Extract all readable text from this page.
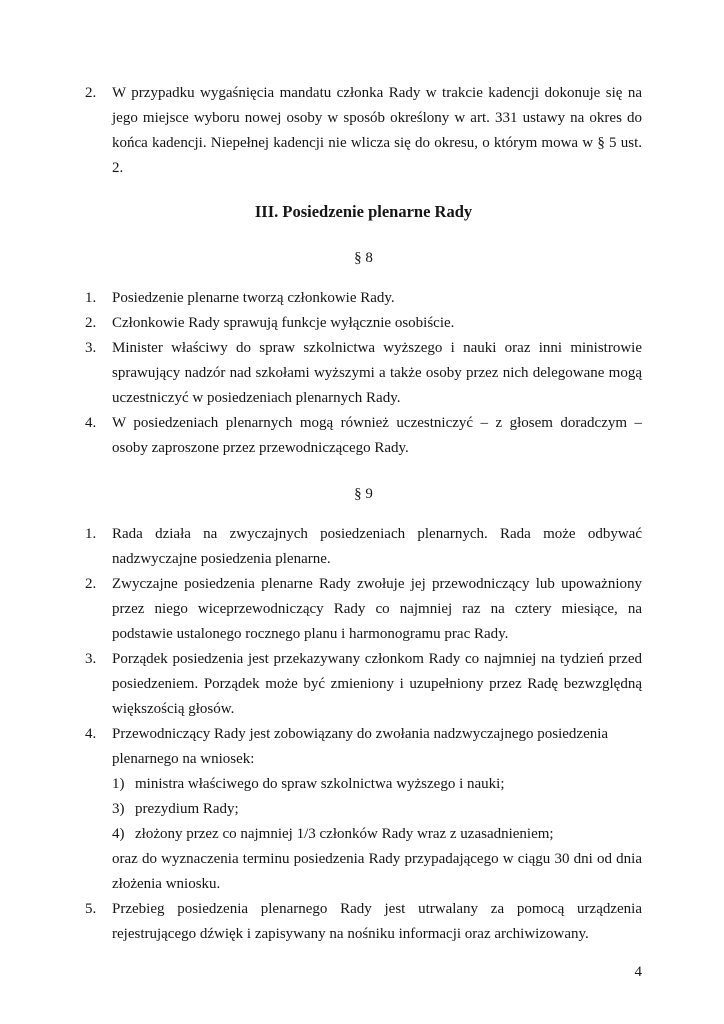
2.	W przypadku wygaśnięcia mandatu członka Rady w trakcie kadencji dokonuje się na jego miejsce wyboru nowej osoby w sposób określony w art. 331 ustawy na okres do końca kadencji. Niepełnej kadencji nie wlicza się do okresu, o którym mowa w § 5 ust. 2.
III. Posiedzenie plenarne Rady
§ 8
1.	Posiedzenie plenarne tworzą członkowie Rady.
2.	Członkowie Rady sprawują funkcje wyłącznie osobiście.
3.	Minister właściwy do spraw szkolnictwa wyższego i nauki oraz inni ministrowie sprawujący nadzór nad szkołami wyższymi a także osoby przez nich delegowane mogą uczestniczyć w posiedzeniach plenarnych Rady.
4.	W posiedzeniach plenarnych mogą również uczestniczyć – z głosem doradczym – osoby zaproszone przez przewodniczącego Rady.
§ 9
1.	Rada działa na zwyczajnych posiedzeniach plenarnych. Rada może odbywać nadzwyczajne posiedzenia plenarne.
2.	Zwyczajne posiedzenia plenarne Rady zwołuje jej przewodniczący lub upoważniony przez niego wiceprzewodniczący Rady co najmniej raz na cztery miesiące, na podstawie ustalonego rocznego planu i harmonogramu prac Rady.
3.	Porządek posiedzenia jest przekazywany członkom Rady co najmniej na tydzień przed posiedzeniem. Porządek może być zmieniony i uzupełniony przez Radę bezwzględną większością głosów.
4.	Przewodniczący Rady jest zobowiązany do zwołania nadzwyczajnego posiedzenia plenarnego na wniosek:
1) ministra właściwego do spraw szkolnictwa wyższego i nauki;
3) prezydium Rady;
4) złożony przez co najmniej 1/3 członków Rady wraz z uzasadnieniem;
oraz do wyznaczenia terminu posiedzenia Rady przypadającego w ciągu 30 dni od dnia złożenia wniosku.
5.	Przebieg posiedzenia plenarnego Rady jest utrwalany za pomocą urządzenia rejestrującego dźwięk i zapisywany na nośniku informacji oraz archiwizowany.
4
